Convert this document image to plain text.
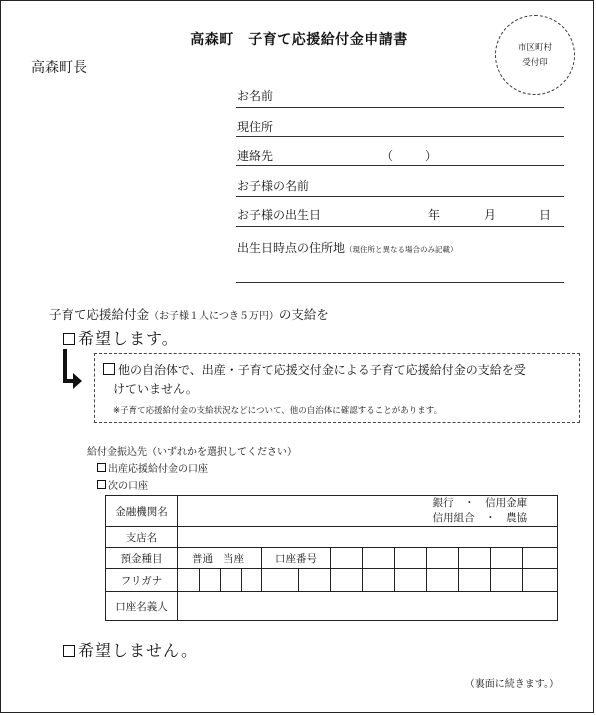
高森町　子育て応援給付金申請書
高森町長
市区町村
受付印
お名前
現住所
連絡先	（	）
お子様の名前
お子様の出生日	年	月	日
出生日時点の住所地（現住所と異なる場合のみ記載）
子育て応援給付金（お子様１人につき５万円）の支給を
希望します。
他の自治体で、出産・子育て応援交付金による子育て応援給付金の支給を受
けていません。
※子育て応援給付金の支給状況などについて、他の自治体に確認することがあります。
給付金振込先（いずれかを選択してください）
出産応援給付金の口座
次の口座
金融機関名	銀行　・　信用金庫
信用組合　・　農協												

支店名													
預金種目	普通 当座				口座番号								
フリガナ													
口座名義人													
希望しません。
（裏面に続きます。）
